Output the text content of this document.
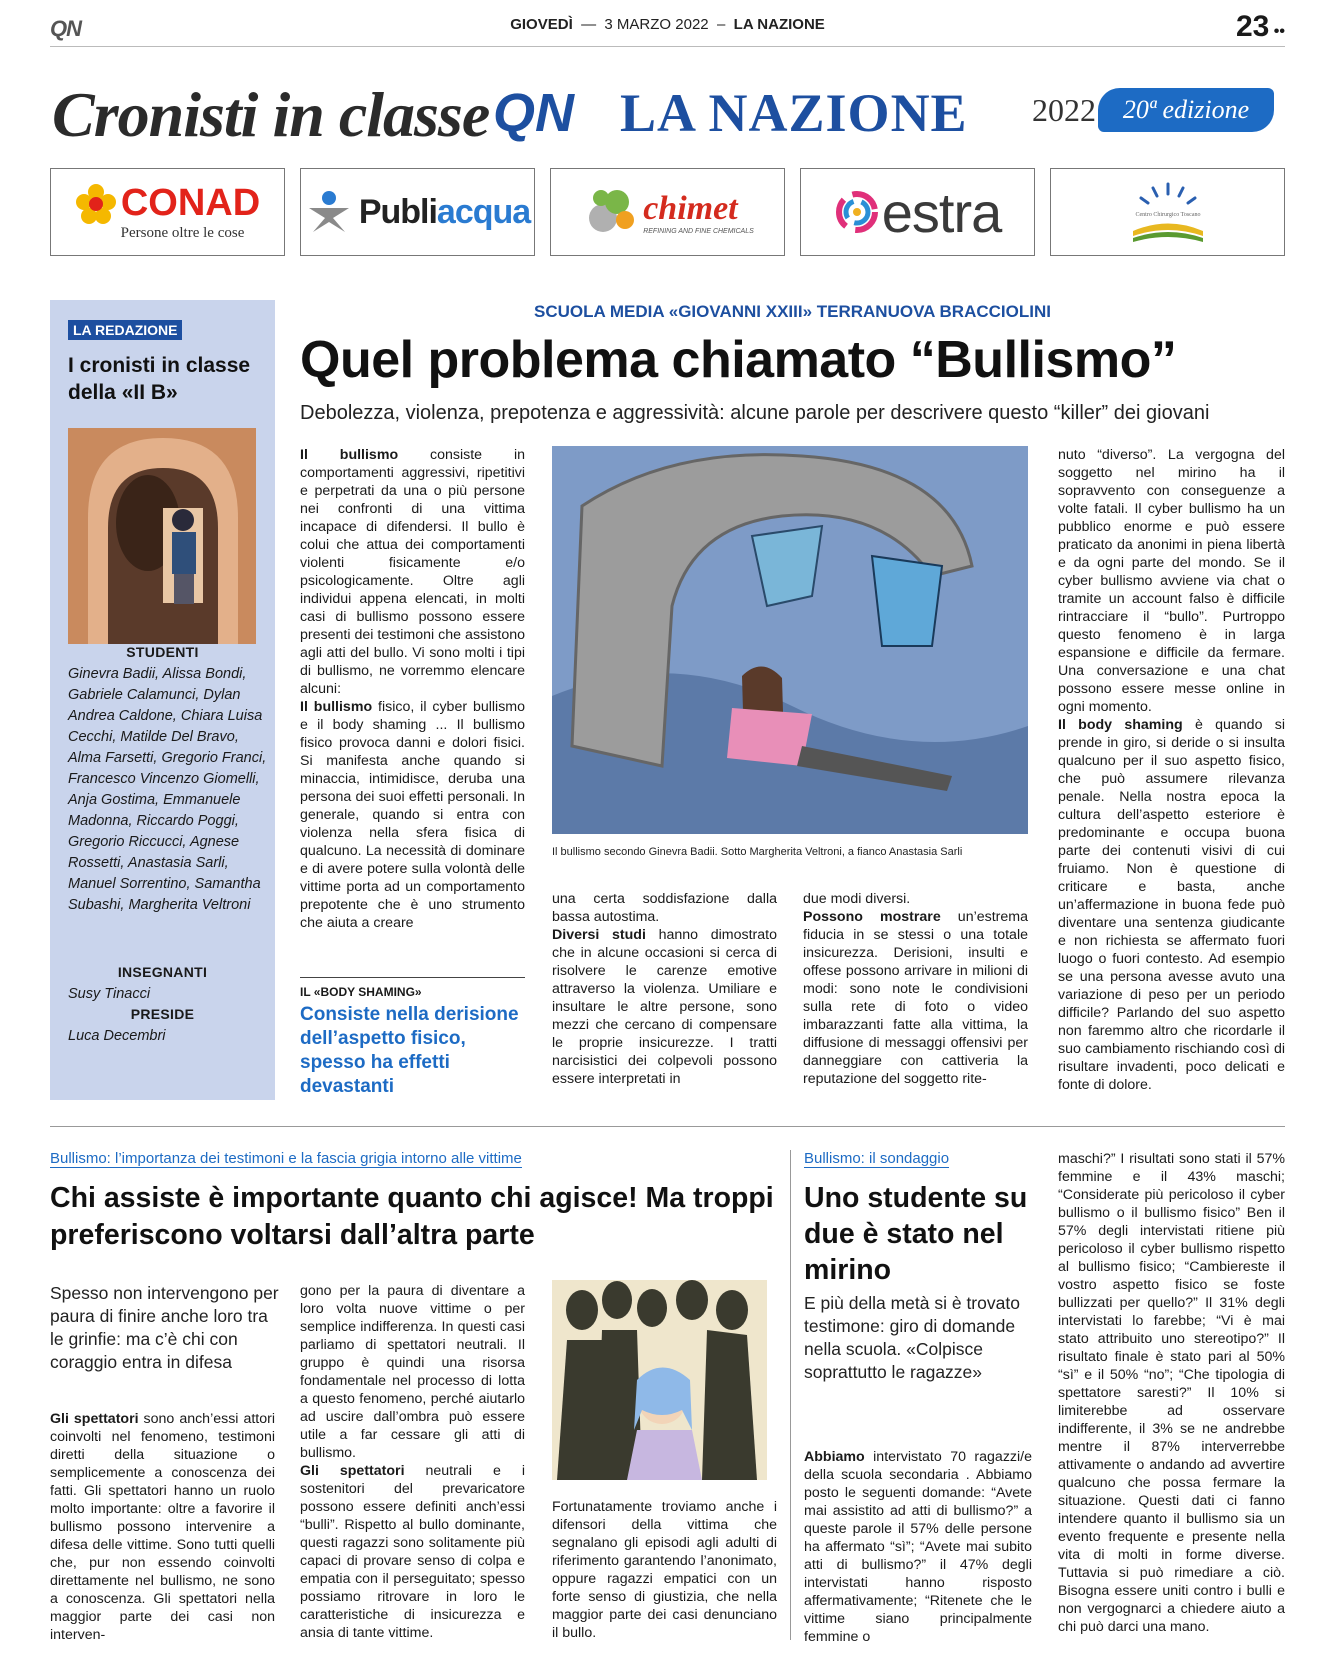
QN	GIOVEDÌ  —  3 MARZO 2022  –  LA NAZIONE	23 ••
Cronisti in classe QN LA NAZIONE 2022	20ª edizione
CONAD
Persone oltre le cose
Publi acqua	chimet
REFINING AND FINE CHEMICALS estra	Centro Chirurgico Toscano
LA REDAZIONE
I cronisti in classe della «II B»
STUDENTI
Ginevra Badii, Alissa Bondi, Gabriele Calamunci, Dylan Andrea Caldone, Chiara Luisa Cecchi, Matilde Del Bravo, Alma Farsetti, Gregorio Franci, Francesco Vincenzo Giomelli, Anja Gostima, Emmanuele Madonna, Riccardo Poggi, Gregorio Riccucci, Agnese Rossetti, Anastasia Sarli, Manuel Sorrentino, Samantha Subashi, Margherita Veltroni
INSEGNANTI
Susy Tinacci
PRESIDE
Luca Decembri
SCUOLA MEDIA «GIOVANNI XXIII» TERRANUOVA BRACCIOLINI
Quel problema chiamato “Bullismo”
Debolezza, violenza, prepotenza e aggressività: alcune parole per descrivere questo “killer” dei giovani
Il bullismo consiste in comportamenti aggressivi, ripetitivi e perpetrati da una o più persone nei confronti di una vittima incapace di difendersi. Il bullo è colui che attua dei comportamenti violenti fisicamente e/o psicologicamente. Oltre agli individui appena elencati, in molti casi di bullismo possono essere presenti dei testimoni che assistono agli atti del bullo. Vi sono molti i tipi di bullismo, ne vorremmo elencare alcuni:
Il bullismo fisico, il cyber bullismo e il body shaming ... Il bullismo fisico provoca danni e dolori fisici. Si manifesta anche quando si minaccia, intimidisce, deruba una persona dei suoi effetti personali. In generale, quando si entra con violenza nella sfera fisica di qualcuno. La necessità di dominare e di avere potere sulla volontà delle vittime porta ad un comportamento prepotente che è uno strumento che aiuta a creare
Il bullismo secondo Ginevra Badii. Sotto Margherita Veltroni, a fianco Anastasia Sarli
una certa soddisfazione dalla bassa autostima.
Diversi studi hanno dimostrato che in alcune occasioni si cerca di risolvere le carenze emotive attraverso la violenza. Umiliare e insultare le altre persone, sono mezzi che cercano di compensare le proprie insicurezze. I tratti narcisistici dei colpevoli possono essere interpretati in
due modi diversi.
Possono mostrare un’estrema fiducia in se stessi o una totale insicurezza. Derisioni, insulti e offese possono arrivare in milioni di modi: sono note le condivisioni sulla rete di foto o video imbarazzanti fatte alla vittima, la diffusione di messaggi offensivi per danneggiare con cattiveria la reputazione del soggetto rite-
nuto “diverso”. La vergogna del soggetto nel mirino ha il sopravvento con conseguenze a volte fatali. Il cyber bullismo ha un pubblico enorme e può essere praticato da anonimi in piena libertà e da ogni parte del mondo. Se il cyber bullismo avviene via chat o tramite un account falso è difficile rintracciare il “bullo”. Purtroppo questo fenomeno è in larga espansione e difficile da fermare. Una conversazione e una chat possono essere messe online in ogni momento.
Il body shaming è quando si prende in giro, si deride o si insulta qualcuno per il suo aspetto fisico, che può assumere rilevanza penale. Nella nostra epoca la cultura dell’aspetto esteriore è predominante e occupa buona parte dei contenuti visivi di cui fruiamo. Non è questione di criticare e basta, anche un’affermazione in buona fede può diventare una sentenza giudicante e non richiesta se affermato fuori luogo o fuori contesto. Ad esempio se una persona avesse avuto una variazione di peso per un periodo difficile? Parlando del suo aspetto non faremmo altro che ricordarle il suo cambiamento rischiando così di risultare invadenti, poco delicati e fonte di dolore.
IL «BODY SHAMING»
Consiste nella derisione dell’aspetto fisico, spesso ha effetti devastanti
Bullismo: l’importanza dei testimoni e la fascia grigia intorno alle vittime
Chi assiste è importante quanto chi agisce! Ma troppi preferiscono voltarsi dall’altra parte
Spesso non intervengono per paura di finire anche loro tra le grinfie: ma c’è chi con coraggio entra in difesa
Gli spettatori sono anch’essi attori coinvolti nel fenomeno, testimoni diretti della situazione o semplicemente a conoscenza dei fatti. Gli spettatori hanno un ruolo molto importante: oltre a favorire il bullismo possono intervenire a difesa delle vittime. Sono tutti quelli che, pur non essendo coinvolti direttamente nel bullismo, ne sono a conoscenza. Gli spettatori nella maggior parte dei casi non interven-
gono per la paura di diventare a loro volta nuove vittime o per semplice indifferenza. In questi casi parliamo di spettatori neutrali. Il gruppo è quindi una risorsa fondamentale nel processo di lotta a questo fenomeno, perché aiutarlo ad uscire dall’ombra può essere utile a far cessare gli atti di bullismo.
Gli spettatori neutrali e i sostenitori del prevaricatore possono essere definiti anch’essi “bulli”. Rispetto al bullo dominante, questi ragazzi sono solitamente più capaci di provare senso di colpa e empatia con il perseguitato; spesso possiamo ritrovare in loro le caratteristiche di insicurezza e ansia di tante vittime.
Fortunatamente troviamo anche i difensori della vittima che segnalano gli episodi agli adulti di riferimento garantendo l’anonimato, oppure ragazzi empatici con un forte senso di giustizia, che nella maggior parte dei casi denunciano il bullo.
Bullismo: il sondaggio
Uno studente su due è stato nel mirino
E più della metà si è trovato testimone: giro di domande nella scuola. «Colpisce soprattutto le ragazze»
Abbiamo intervistato 70 ragazzi/e della scuola secondaria . Abbiamo posto le seguenti domande: “Avete mai assistito ad atti di bullismo?” a queste parole il 57% delle persone ha affermato “sì”; “Avete mai subito atti di bullismo?” il 47% degli intervistati hanno risposto affermativamente; “Ritenete che le vittime siano principalmente femmine o
maschi?” I risultati sono stati il 57% femmine e il 43% maschi; “Considerate più pericoloso il cyber bullismo o il bullismo fisico” Ben il 57% degli intervistati ritiene più pericoloso il cyber bullismo rispetto al bullismo fisico; “Cambiereste il vostro aspetto fisico se foste bullizzati per quello?” Il 31% degli intervistati lo farebbe; “Vi è mai stato attribuito uno stereotipo?” Il risultato finale è stato pari al 50% “sì” e il 50% “no”; “Che tipologia di spettatore saresti?” Il 10% si limiterebbe ad osservare indifferente, il 3% se ne andrebbe mentre il 87% interverrebbe attivamente o andando ad avvertire qualcuno che possa fermare la situazione. Questi dati ci fanno intendere quanto il bullismo sia un evento frequente e presente nella vita di molti in forme diverse. Tuttavia si può rimediare a ciò. Bisogna essere uniti contro i bulli e non vergognarci a chiedere aiuto a chi può darci una mano.
